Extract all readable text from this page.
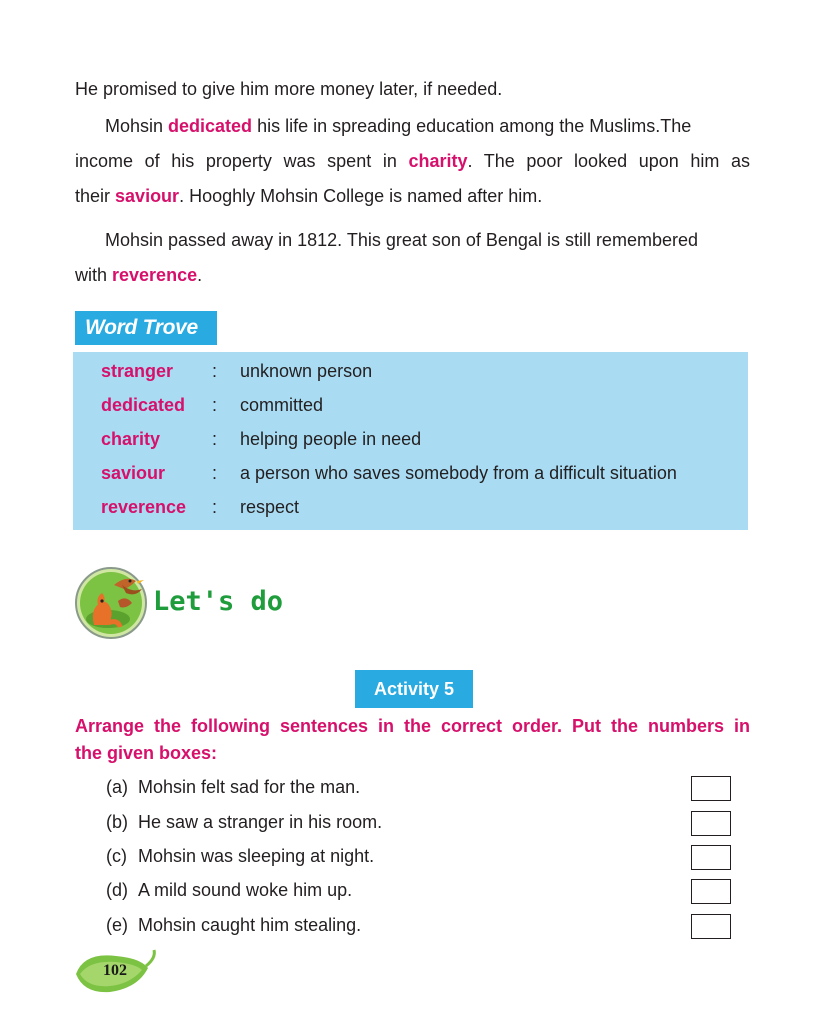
He promised to give him more money later, if needed.
Mohsin dedicated his life in spreading education among the Muslims.The
income of his property was spent in charity. The poor looked upon him as
their saviour. Hooghly Mohsin College is named after him.
Mohsin passed away in 1812. This great son of Bengal is still remembered
with reverence.
Word Trove
stranger : unknown person
dedicated : committed
charity	: helping people in need
saviour	: a person who saves somebody from a difficult situation
reverence : respect
Let's do
Activity 5
Arrange the following sentences in the correct order. Put the numbers in
the given boxes:
(a) Mohsin felt sad for the man.
(b) He saw a stranger in his room.
(c) Mohsin was sleeping at night.
(d) A mild sound woke him up.
(e) Mohsin caught him stealing.
102
